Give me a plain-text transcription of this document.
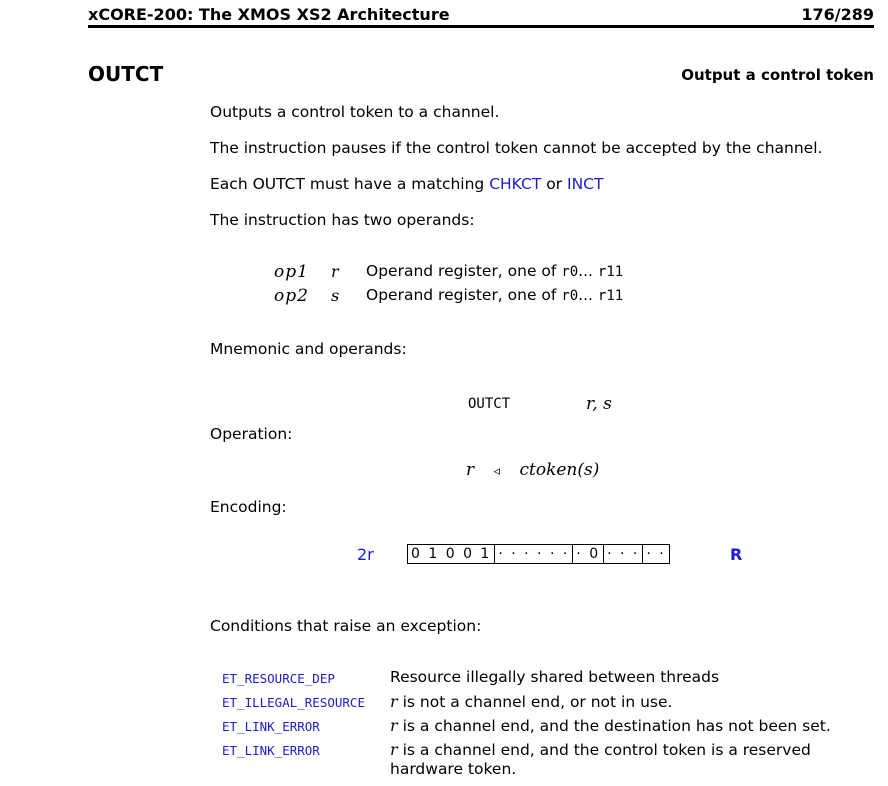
xCORE-200: The XMOS XS2 Architecture	176/289
OUTCT	Output a control token
Outputs a control token to a channel.
The instruction pauses if the control token cannot be accepted by the channel.
Each OUTCT must have a matching CHKCT or INCT
The instruction has two operands:
op1 r Operand register, one of r0... r11
op2 s Operand register, one of r0... r11
Mnemonic and operands:
OUTCT	r, s
Operation:
r ◃ ctoken(s)
Encoding:
2r	0 1 0 0 1 · · · · · · · 0 · · · · ·	R
Conditions that raise an exception:
ET_RESOURCE_DEP	Resource illegally shared between threads
ET_ILLEGAL_RESOURCE r is not a channel end, or not in use.
ET_LINK_ERROR	r is a channel end, and the destination has not been set.
ET_LINK_ERROR	r is a channel end, and the control token is a reserved hardware token.
